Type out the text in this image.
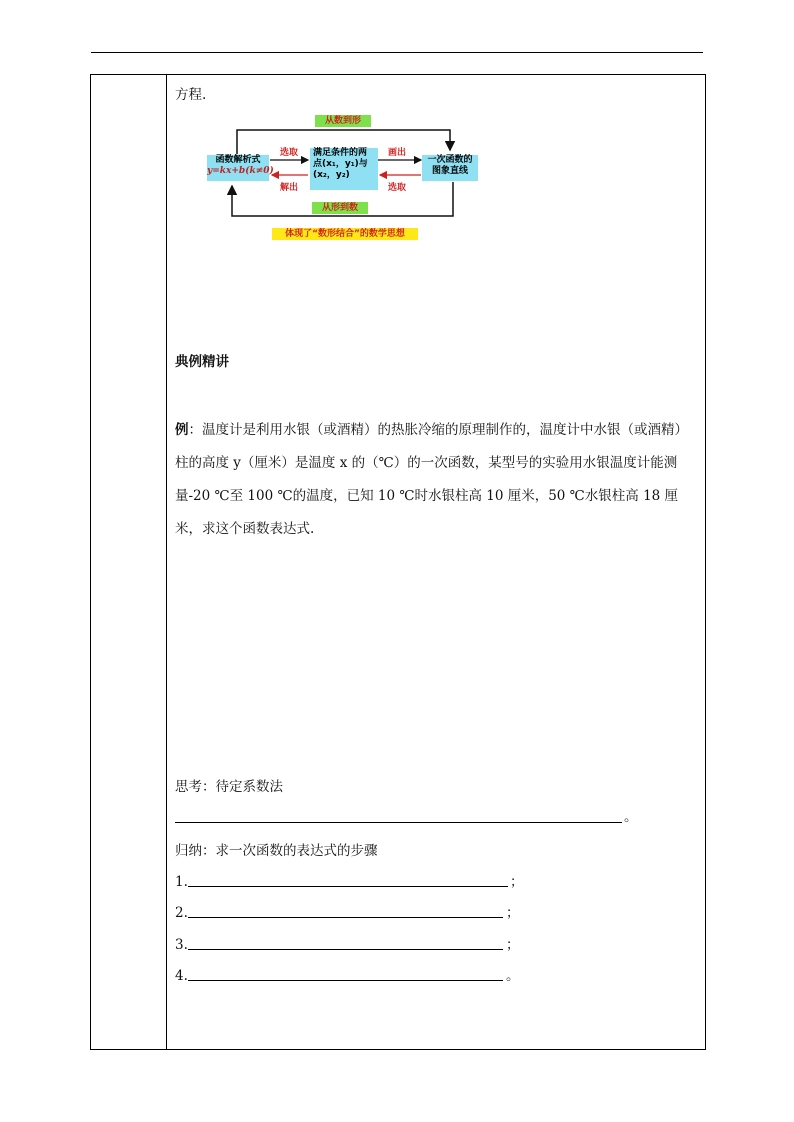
方程.
从数到形
从形到数
函数解析式
y=kx+b(k≠0)
满足条件的两
点(x₁，y₁)与
(x₂，y₂)
一次函数的
图象直线
选取
解出
画出
选取
体现了“数形结合”的数学思想
典例精讲
例：温度计是利用水银（或酒精）的热胀冷缩的原理制作的，温度计中水银（或酒精）柱的高度 y（厘米）是温度 x 的（℃）的一次函数，某型号的实验用水银温度计能测量-20 ℃至 100 ℃的温度，已知 10 ℃时水银柱高 10 厘米，50 ℃水银柱高 18 厘米，求这个函数表达式.
思考：待定系数法
。
归纳：求一次函数的表达式的步骤
1.	；
2.	；
3.	；
4.	。
